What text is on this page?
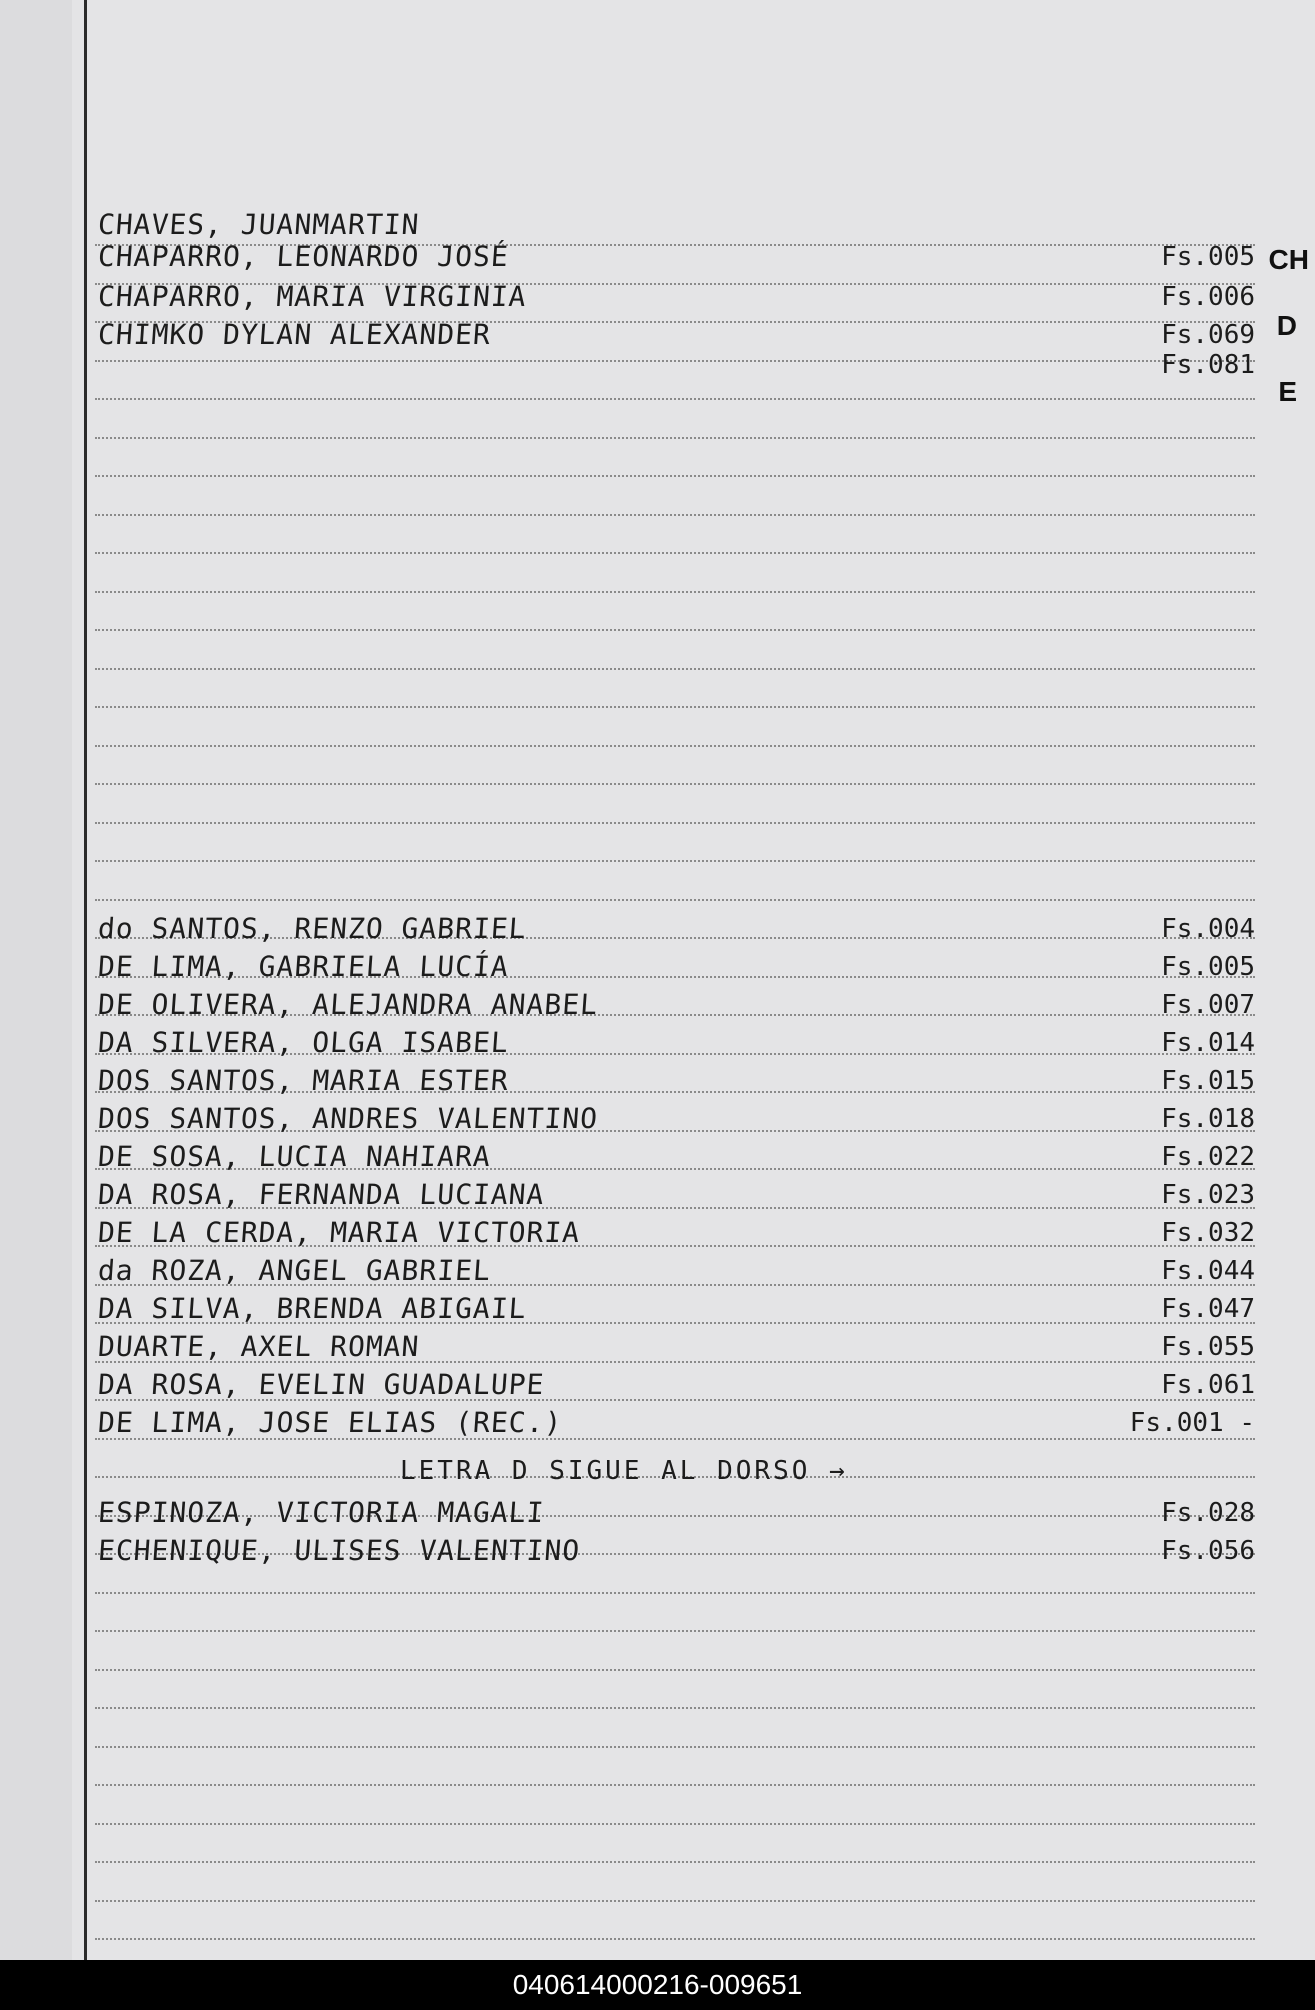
CH
D
E
CHAVES, JUANMARTIN
CHAPARRO, LEONARDO JOSÉ	Fs.005
CHAPARRO, MARIA VIRGINIA	Fs.006
CHIMKO DYLAN ALEXANDER	Fs.069
Fs.081
do SANTOS, RENZO GABRIEL	Fs.004
DE LIMA, GABRIELA LUCÍA	Fs.005
DE OLIVERA, ALEJANDRA ANABEL	Fs.007
DA SILVERA, OLGA ISABEL	Fs.014
DOS SANTOS, MARIA ESTER	Fs.015
DOS SANTOS, ANDRES VALENTINO	Fs.018
DE SOSA, LUCIA NAHIARA	Fs.022
DA ROSA, FERNANDA LUCIANA	Fs.023
DE LA CERDA, MARIA VICTORIA	Fs.032
da ROZA, ANGEL GABRIEL	Fs.044
DA SILVA, BRENDA ABIGAIL	Fs.047
DUARTE, AXEL ROMAN	Fs.055
DA ROSA, EVELIN GUADALUPE	Fs.061
DE LIMA, JOSE ELIAS (REC.)	Fs.001 -
LETRA D SIGUE AL DORSO →
ESPINOZA, VICTORIA MAGALI	Fs.028
ECHENIQUE, ULISES VALENTINO	Fs.056
040614000216-009651
